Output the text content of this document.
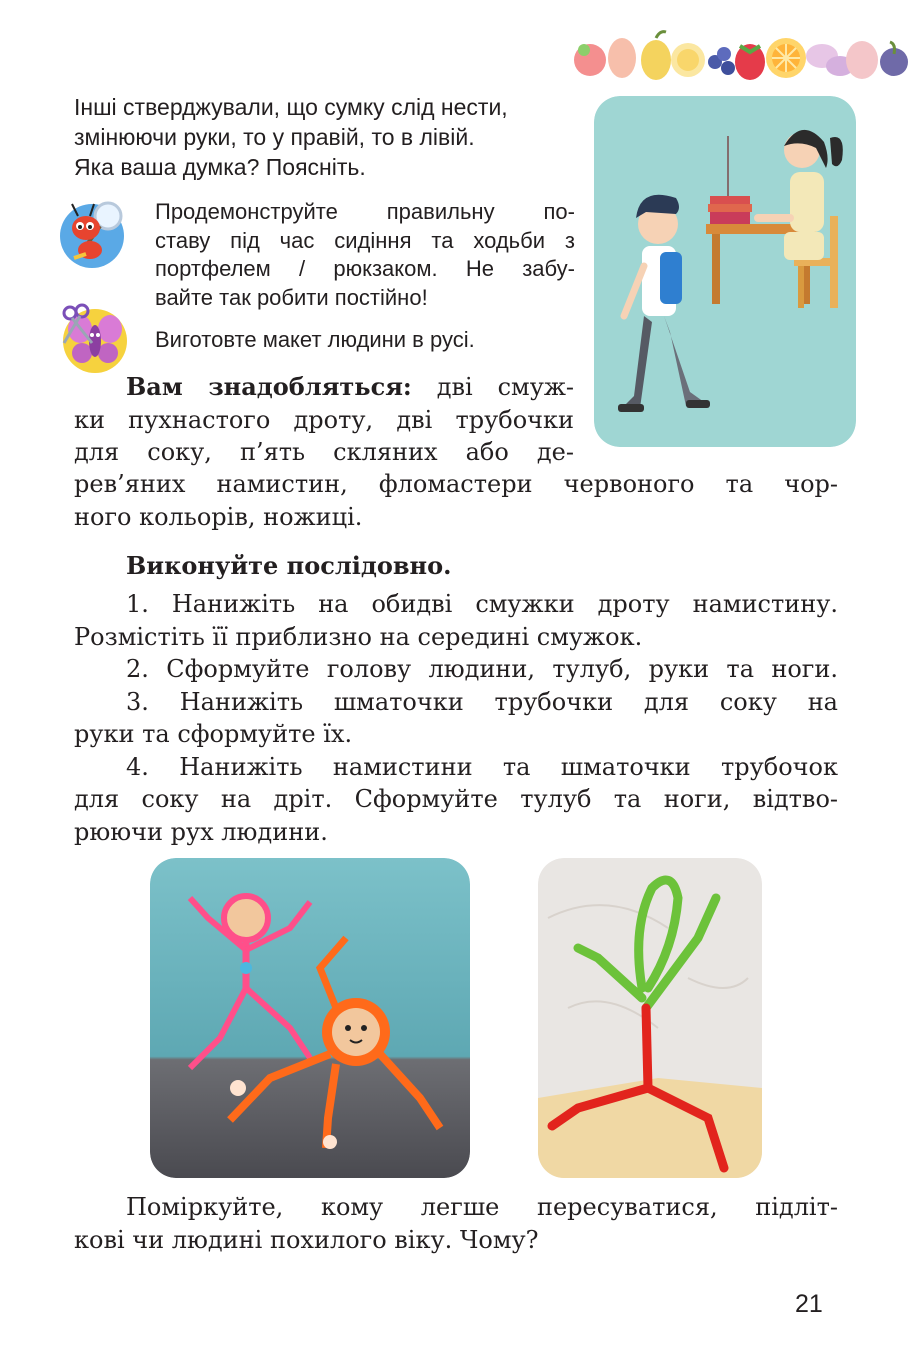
Інші стверджували, що сумку слід нести,
змінюючи руки, то у правій, то в лівій.
Яка ваша думка? Поясніть.
Продемонструйте правильну по-
ставу під час сидіння та ходьби з
портфелем / рюкзаком. Не забу-
вайте так робити постійно!
Виготовте макет людини в русі.
Вам знадобляться: дві смуж-
ки пухнастого дроту, дві трубочки
для соку, п’ять скляних або де-
рев’яних намистин, фломастери червоного та чор-
ного кольорів, ножиці.
Виконуйте послідовно.
1. Нанижіть на обидві смужки дроту намистину.
Розмістіть її приблизно на середині смужок.
2. Сформуйте голову людини, тулуб, руки та ноги.
3. Нанижіть шматочки трубочки для соку на
руки та сформуйте їх.
4. Нанижіть намистини та шматочки трубочок
для соку на дріт. Сформуйте тулуб та ноги, відтво-
рюючи рух людини.
Поміркуйте, кому легше пересуватися, підліт-
кові чи людині похилого віку. Чому?
21
